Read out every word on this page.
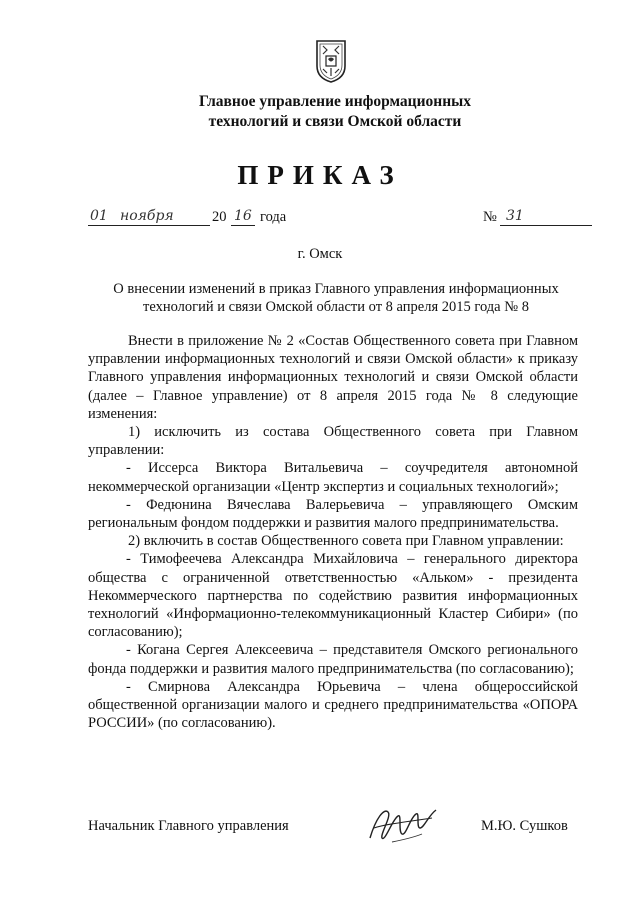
Главное управление информационных
технологий и связи Омской области
ПРИКАЗ
01 ноября	20 16 года	№ 31
г. Омск
О внесении изменений в приказ Главного управления информационных
технологий и связи Омской области от 8 апреля 2015 года № 8

Внести в приложение № 2 «Состав Общественного совета при Главном управлении информационных технологий и связи Омской области» к приказу Главного управления информационных технологий и связи Омской области (далее – Главное управление) от 8 апреля 2015 года № 8 следующие изменения:

1) исключить из состава Общественного совета при Главном управлении:

- Иссерса Виктора Витальевича – соучредителя автономной некоммерческой организации «Центр экспертиз и социальных технологий»;

- Федюнина Вячеслава Валерьевича – управляющего Омским региональным фондом поддержки и развития малого предпринимательства.

2) включить в состав Общественного совета при Главном управлении:

- Тимофеечева Александра Михайловича – генерального директора общества с ограниченной ответственностью «Альком» - президента Некоммерческого партнерства по содействию развития информационных технологий «Информационно-телекоммуникационный Кластер Сибири» (по согласованию);

- Когана Сергея Алексеевича – представителя Омского регионального фонда поддержки и развития малого предпринимательства (по согласованию);

- Смирнова Александра Юрьевича – члена общероссийской общественной организации малого и среднего предпринимательства «ОПОРА РОССИИ» (по согласованию).

Начальник Главного управления	М.Ю. Сушков
